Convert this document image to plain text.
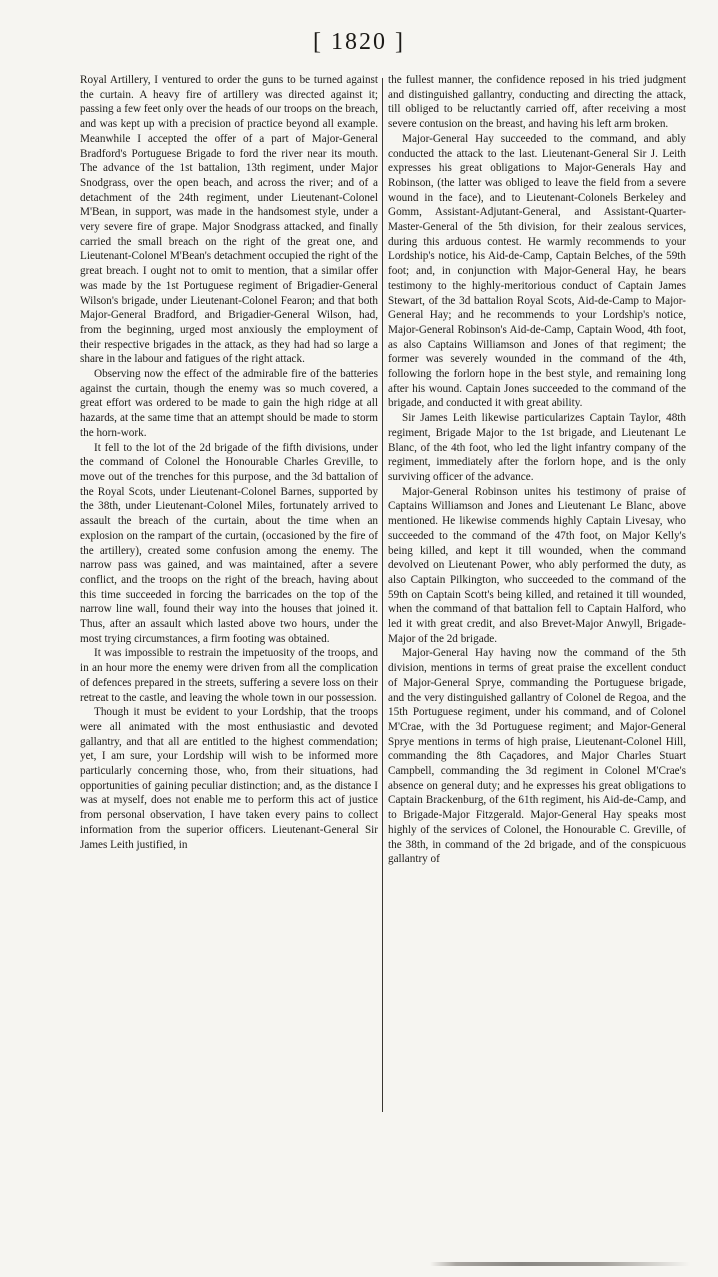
[ 1820 ]

Royal Artillery, I ventured to order the guns to be turned against the curtain. A heavy fire of artillery was directed against it; passing a few feet only over the heads of our troops on the breach, and was kept up with a precision of practice beyond all example. Meanwhile I accepted the offer of a part of Major-General Bradford's Portuguese Brigade to ford the river near its mouth. The advance of the 1st battalion, 13th regiment, under Major Snodgrass, over the open beach, and across the river; and of a detachment of the 24th regiment, under Lieutenant-Colonel M'Bean, in support, was made in the handsomest style, under a very severe fire of grape. Major Snodgrass attacked, and finally carried the small breach on the right of the great one, and Lieutenant-Colonel M'Bean's detachment occupied the right of the great breach. I ought not to omit to mention, that a similar offer was made by the 1st Portuguese regiment of Brigadier-General Wilson's brigade, under Lieutenant-Colonel Fearon; and that both Major-General Bradford, and Brigadier-General Wilson, had, from the beginning, urged most anxiously the employment of their respective brigades in the attack, as they had had so large a share in the labour and fatigues of the right attack.

Observing now the effect of the admirable fire of the batteries against the curtain, though the enemy was so much covered, a great effort was ordered to be made to gain the high ridge at all hazards, at the same time that an attempt should be made to storm the horn-work.

It fell to the lot of the 2d brigade of the fifth divisions, under the command of Colonel the Honourable Charles Greville, to move out of the trenches for this purpose, and the 3d battalion of the Royal Scots, under Lieutenant-Colonel Barnes, supported by the 38th, under Lieutenant-Colonel Miles, fortunately arrived to assault the breach of the curtain, about the time when an explosion on the rampart of the curtain, (occasioned by the fire of the artillery), created some confusion among the enemy. The narrow pass was gained, and was maintained, after a severe conflict, and the troops on the right of the breach, having about this time succeeded in forcing the barricades on the top of the narrow line wall, found their way into the houses that joined it. Thus, after an assault which lasted above two hours, under the most trying circumstances, a firm footing was obtained.

It was impossible to restrain the impetuosity of the troops, and in an hour more the enemy were driven from all the complication of defences prepared in the streets, suffering a severe loss on their retreat to the castle, and leaving the whole town in our possession.

Though it must be evident to your Lordship, that the troops were all animated with the most enthusiastic and devoted gallantry, and that all are entitled to the highest commendation; yet, I am sure, your Lordship will wish to be informed more particularly concerning those, who, from their situations, had opportunities of gaining peculiar distinction; and, as the distance I was at myself, does not enable me to perform this act of justice from personal observation, I have taken every pains to collect information from the superior officers. Lieutenant-General Sir James Leith justified, in

the fullest manner, the confidence reposed in his tried judgment and distinguished gallantry, conducting and directing the attack, till obliged to be reluctantly carried off, after receiving a most severe contusion on the breast, and having his left arm broken.

Major-General Hay succeeded to the command, and ably conducted the attack to the last. Lieutenant-General Sir J. Leith expresses his great obligations to Major-Generals Hay and Robinson, (the latter was obliged to leave the field from a severe wound in the face), and to Lieutenant-Colonels Berkeley and Gomm, Assistant-Adjutant-General, and Assistant-Quarter-Master-General of the 5th division, for their zealous services, during this arduous contest. He warmly recommends to your Lordship's notice, his Aid-de-Camp, Captain Belches, of the 59th foot; and, in conjunction with Major-General Hay, he bears testimony to the highly-meritorious conduct of Captain James Stewart, of the 3d battalion Royal Scots, Aid-de-Camp to Major-General Hay; and he recommends to your Lordship's notice, Major-General Robinson's Aid-de-Camp, Captain Wood, 4th foot, as also Captains Williamson and Jones of that regiment; the former was severely wounded in the command of the 4th, following the forlorn hope in the best style, and remaining long after his wound. Captain Jones succeeded to the command of the brigade, and conducted it with great ability.

Sir James Leith likewise particularizes Captain Taylor, 48th regiment, Brigade Major to the 1st brigade, and Lieutenant Le Blanc, of the 4th foot, who led the light infantry company of the regiment, immediately after the forlorn hope, and is the only surviving officer of the advance.

Major-General Robinson unites his testimony of praise of Captains Williamson and Jones and Lieutenant Le Blanc, above mentioned. He likewise commends highly Captain Livesay, who succeeded to the command of the 47th foot, on Major Kelly's being killed, and kept it till wounded, when the command devolved on Lieutenant Power, who ably performed the duty, as also Captain Pilkington, who succeeded to the command of the 59th on Captain Scott's being killed, and retained it till wounded, when the command of that battalion fell to Captain Halford, who led it with great credit, and also Brevet-Major Anwyll, Brigade-Major of the 2d brigade.

Major-General Hay having now the command of the 5th division, mentions in terms of great praise the excellent conduct of Major-General Sprye, commanding the Portuguese brigade, and the very distinguished gallantry of Colonel de Regoa, and the 15th Portuguese regiment, under his command, and of Colonel M'Crae, with the 3d Portuguese regiment; and Major-General Sprye mentions in terms of high praise, Lieutenant-Colonel Hill, commanding the 8th Caçadores, and Major Charles Stuart Campbell, commanding the 3d regiment in Colonel M'Crae's absence on general duty; and he expresses his great obligations to Captain Brackenburg, of the 61th regiment, his Aid-de-Camp, and to Brigade-Major Fitzgerald. Major-General Hay speaks most highly of the services of Colonel, the Honourable C. Greville, of the 38th, in command of the 2d brigade, and of the conspicuous gallantry of
